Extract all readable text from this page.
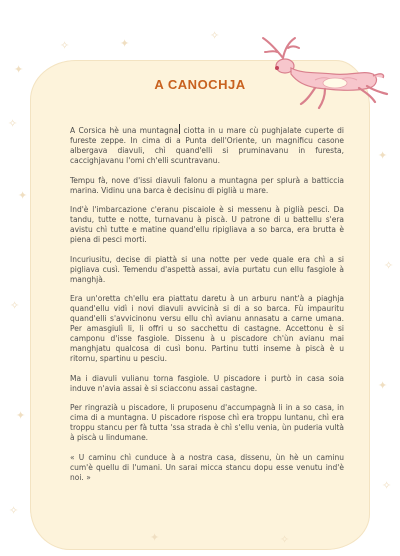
✦
✧
✦
✧
✦
✧
✦
✧
✦
✧
✦
✧
✧
✦	✧
A CANOCHJA

A Corsica hè una muntagna ciotta in u mare cù pughjalate cuperte di fureste zeppe. In cima di a Punta dell'Oriente, un magnificu casone albergava diavuli, chì quand'elli si pruminavanu in furesta, caccighjavanu l'omi ch'elli scuntravanu.

Tempu fà, nove d'issi diavuli falonu a muntagna per splurà a batticcia marina. Vidinu una barca è decisinu di piglià u mare.

Ind'è l'imbarcazione c'eranu piscaiole è si messenu à piglià pesci. Da tandu, tutte e notte, turnavanu à piscà. U patrone di u battellu s'era avistu chì tutte e matine quand'ellu ripigliava a so barca, era brutta è piena di pesci morti.

Incuriusitu, decise di piattà si una notte per vede quale era chì a si pigliava cusì. Temendu d'aspettà assai, avia purtatu cun ellu fasgiole à manghjà.

Era un'oretta ch'ellu era piattatu daretu à un arburu nant'à a piaghja quand'ellu vidì i novi diavuli avvicinà si di a so barca. Fù impauritu quand'elli s'avvicinonu versu ellu chì avianu annasatu a carne umana. Per amasgiulì li, li offri u so sacchettu di castagne. Accettonu è si camponu d'isse fasgiole. Dissenu à u piscadore ch'ùn avianu mai manghjatu qualcosa di cusì bonu. Partinu tutti inseme à piscà è u ritornu, spartinu u pesciu.

Ma i diavuli vulianu torna fasgiole. U piscadore i purtò in casa soia induve n'avia assai è si sciacconu assai castagne.

Per ringrazià u piscadore, li pruposenu d'accumpagnà li in a so casa, in cima di a muntagna. U piscadore rispose chì era troppu luntanu, chì era troppu stancu per fà tutta 'ssa strada è chì s'ellu venia, ùn puderia vultà à piscà u lindumane.

« U caminu chì cunduce à a nostra casa, dissenu, ùn hè un caminu cum'è quellu di l'umani. Un sarai micca stancu dopu esse venutu ind'è noi. »
